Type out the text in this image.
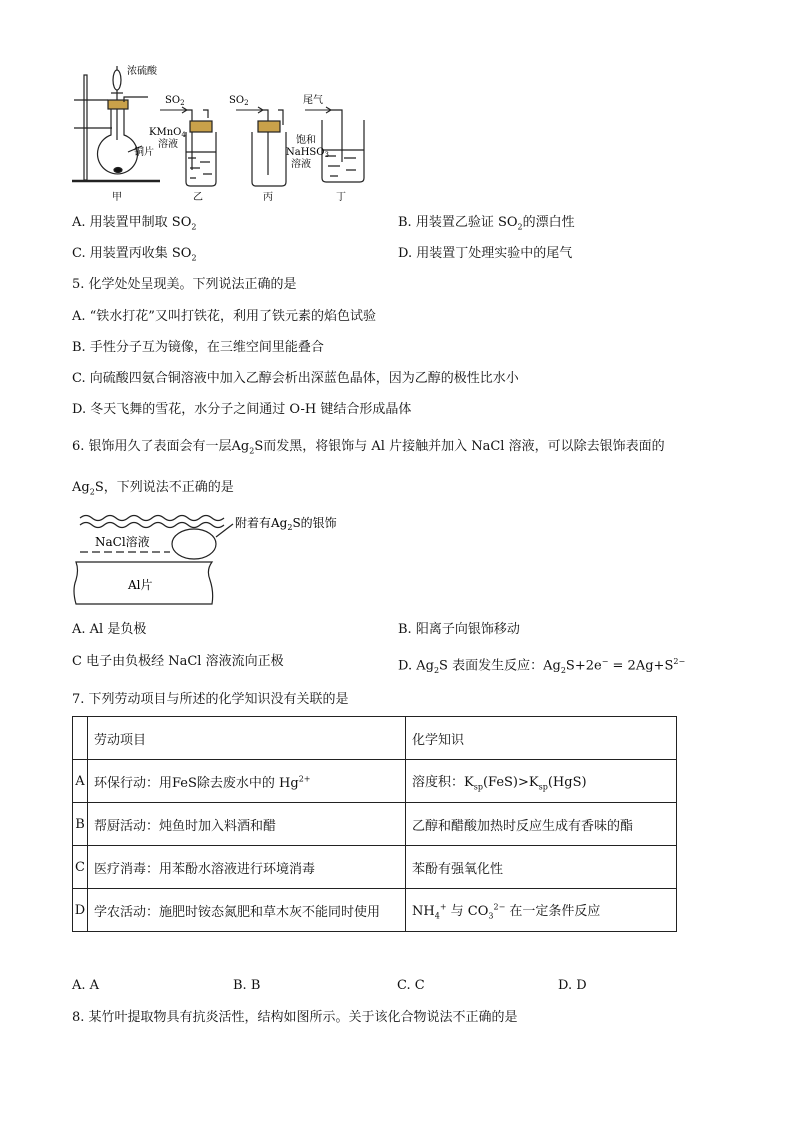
浓硫酸
$SO_2$	$SO_2$	尾气
KMnO$_4$
溶液
铜片
饱和
NaHSO$_3$
溶液
甲	乙	丙	丁
A. 用装置甲制取 $SO_2$	B. 用装置乙验证 $SO_2$的漂白性
C. 用装置丙收集 $SO_2$	D. 用装置丁处理实验中的尾气
5. 化学处处呈现美。下列说法正确的是
A. “铁水打花”又叫打铁花，利用了铁元素的焰色试验
B. 手性分子互为镜像，在三维空间里能叠合
C. 向硫酸四氨合铜溶液中加入乙醇会析出深蓝色晶体，因为乙醇的极性比水小
D. 冬天飞舞的雪花，水分子之间通过 O-H 键结合形成晶体
6. 银饰用久了表面会有一层$Ag_2S$而发黑，将银饰与 Al 片接触并加入 NaCl 溶液，可以除去银饰表面的
$Ag_2S$，下列说法不正确的是
附着有$Ag_2S$的银饰
NaCl溶液
Al片
A. Al 是负极	B. 阳离子向银饰移动
C 电子由负极经 NaCl 溶液流向正极	D. $Ag_2S$ 表面发生反应：$Ag_2S+2e^- = 2Ag+S^{2-}$
7. 下列劳动项目与所述的化学知识没有关联的是
	劳动项目	化学知识
A	环保行动：用FeS除去废水中的 $Hg^{2+}$	溶度积：$K_{sp}(FeS)>K_{sp}(HgS)$
B	帮厨活动：炖鱼时加入料酒和醋	乙醇和醋酸加热时反应生成有香味的酯
C	医疗消毒：用苯酚水溶液进行环境消毒	苯酚有强氧化性
D	学农活动：施肥时铵态氮肥和草木灰不能同时使用	$NH_4^+$ 与 $CO_3^{2-}$ 在一定条件反应
A. A	B. B	C. C	D. D
8. 某竹叶提取物具有抗炎活性，结构如图所示。关于该化合物说法不正确的是
